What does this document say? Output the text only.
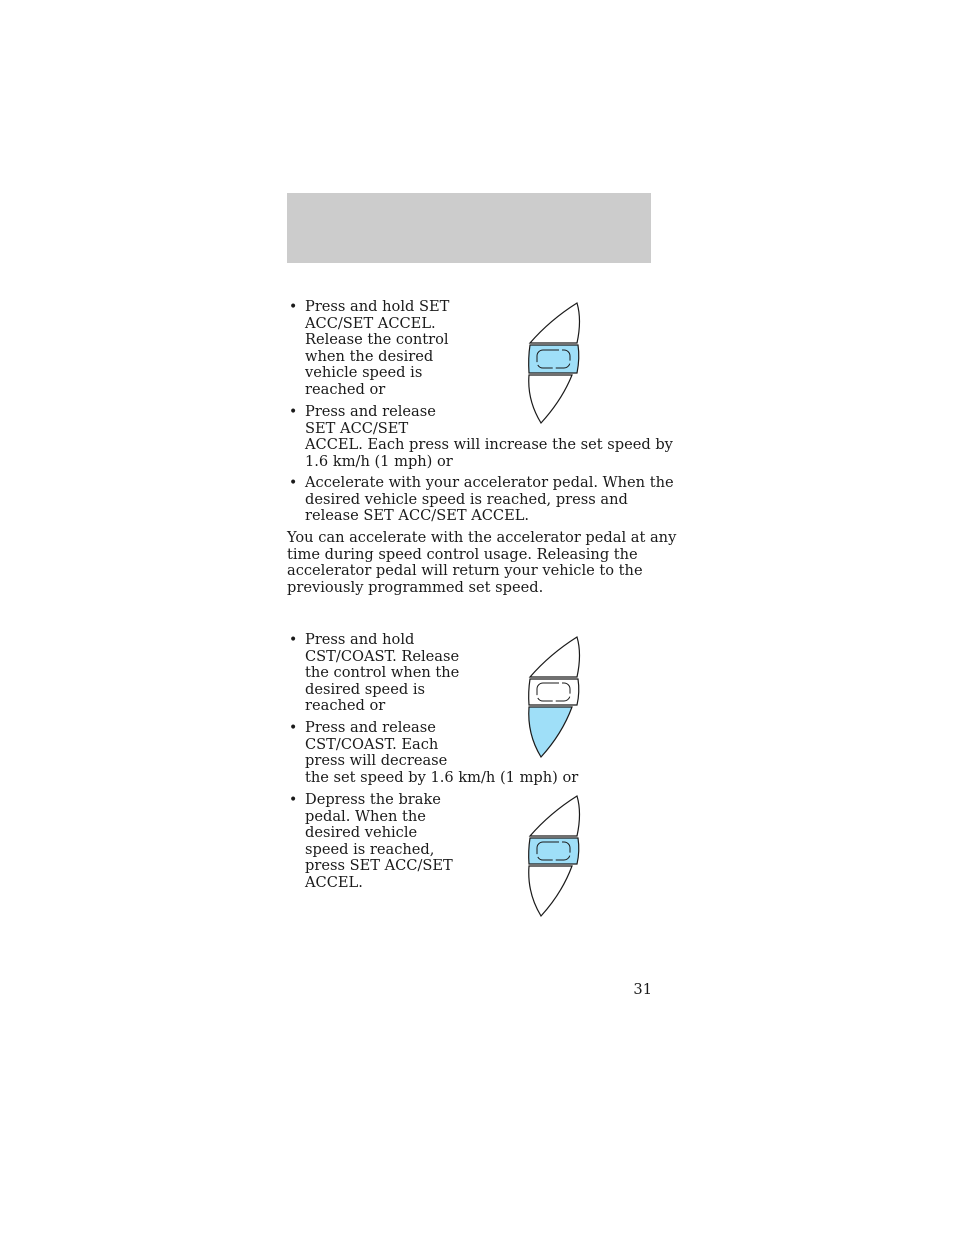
• Press and hold SET
ACC/SET ACCEL.
Release the control
when the desired
vehicle speed is
reached or
• Press and release
SET ACC/SET
ACCEL. Each press will increase the set speed by
1.6 km/h (1 mph) or
• Accelerate with your accelerator pedal. When the
desired vehicle speed is reached, press and
release SET ACC/SET ACCEL.
You can accelerate with the accelerator pedal at any
time during speed control usage. Releasing the
accelerator pedal will return your vehicle to the
previously programmed set speed.
• Press and hold
CST/COAST. Release
the control when the
desired speed is
reached or
• Press and release
CST/COAST. Each
press will decrease
the set speed by 1.6 km/h (1 mph) or
• Depress the brake
pedal. When the
desired vehicle
speed is reached,
press SET ACC/SET
ACCEL.
31
